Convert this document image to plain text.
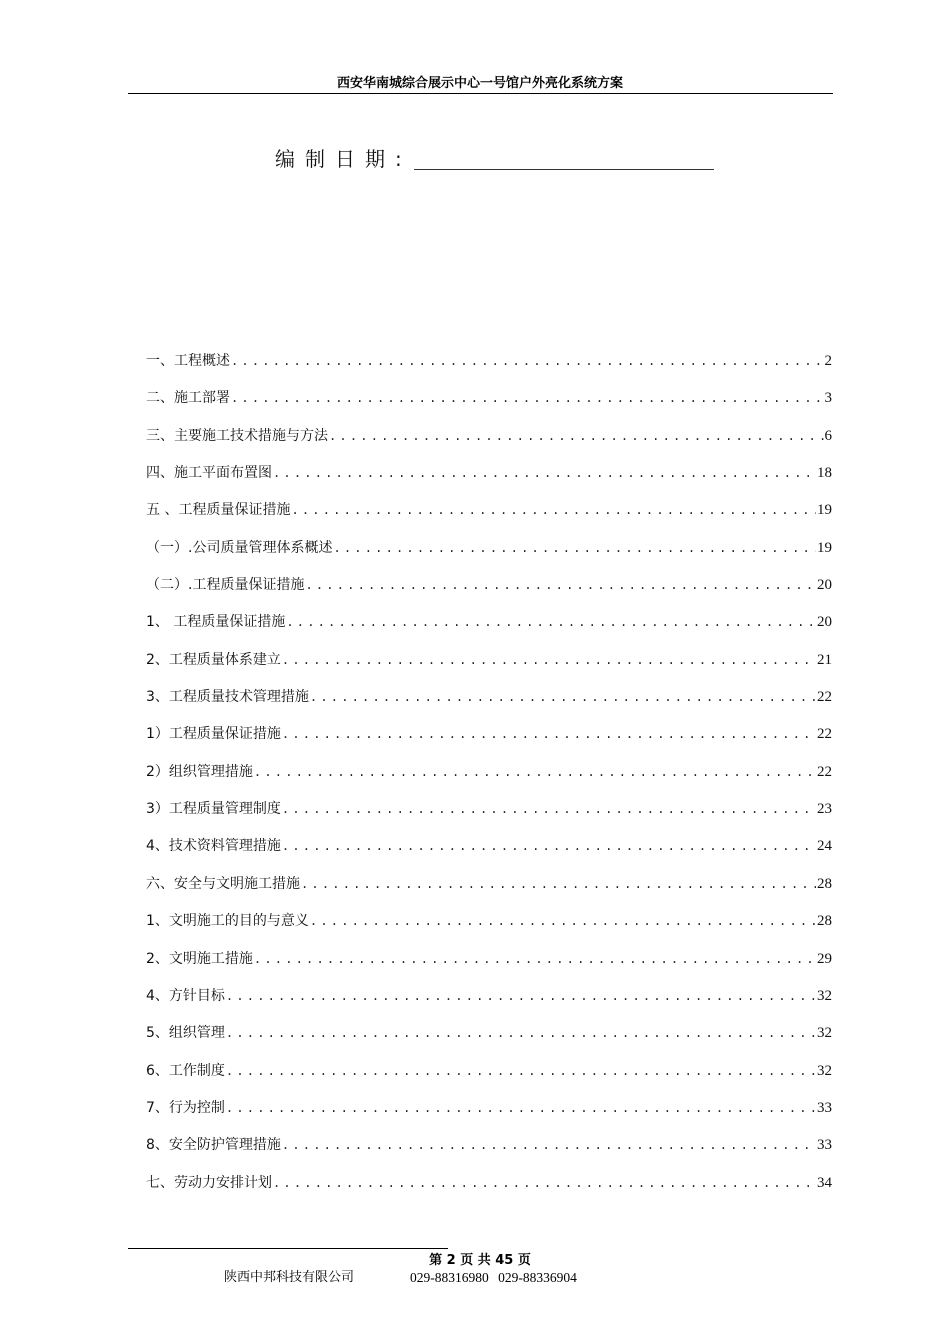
西安华南城综合展示中心一号馆户外亮化系统方案
编制日期:
一、工程概述 .....	2
二、施工部署 .....	3
三、主要施工技术措施与方法 .....	6
四、施工平面布置图 .....	18
五 、工程质量保证措施 .....	19
（一）.公司质量管理体系概述 .....	19
（二）.工程质量保证措施 .....	20
1、 工程质量保证措施 .....	20
2、工程质量体系建立 .....	21
3、工程质量技术管理措施 .....	22
1）工程质量保证措施 .....	22
2）组织管理措施 .....	22
3）工程质量管理制度 .....	23
4、技术资料管理措施 .....	24
六、安全与文明施工措施 .....	28
1、文明施工的目的与意义 .....	28
2、文明施工措施 .....	29
4、方针目标 .....	32
5、组织管理 .....	32
6、工作制度 .....	32
7、行为控制 .....	33
8、安全防护管理措施 .....	33
七、劳动力安排计划 .....	34
第 2 页 共 45 页
陕西中邦科技有限公司	029-88316980 029-88336904
